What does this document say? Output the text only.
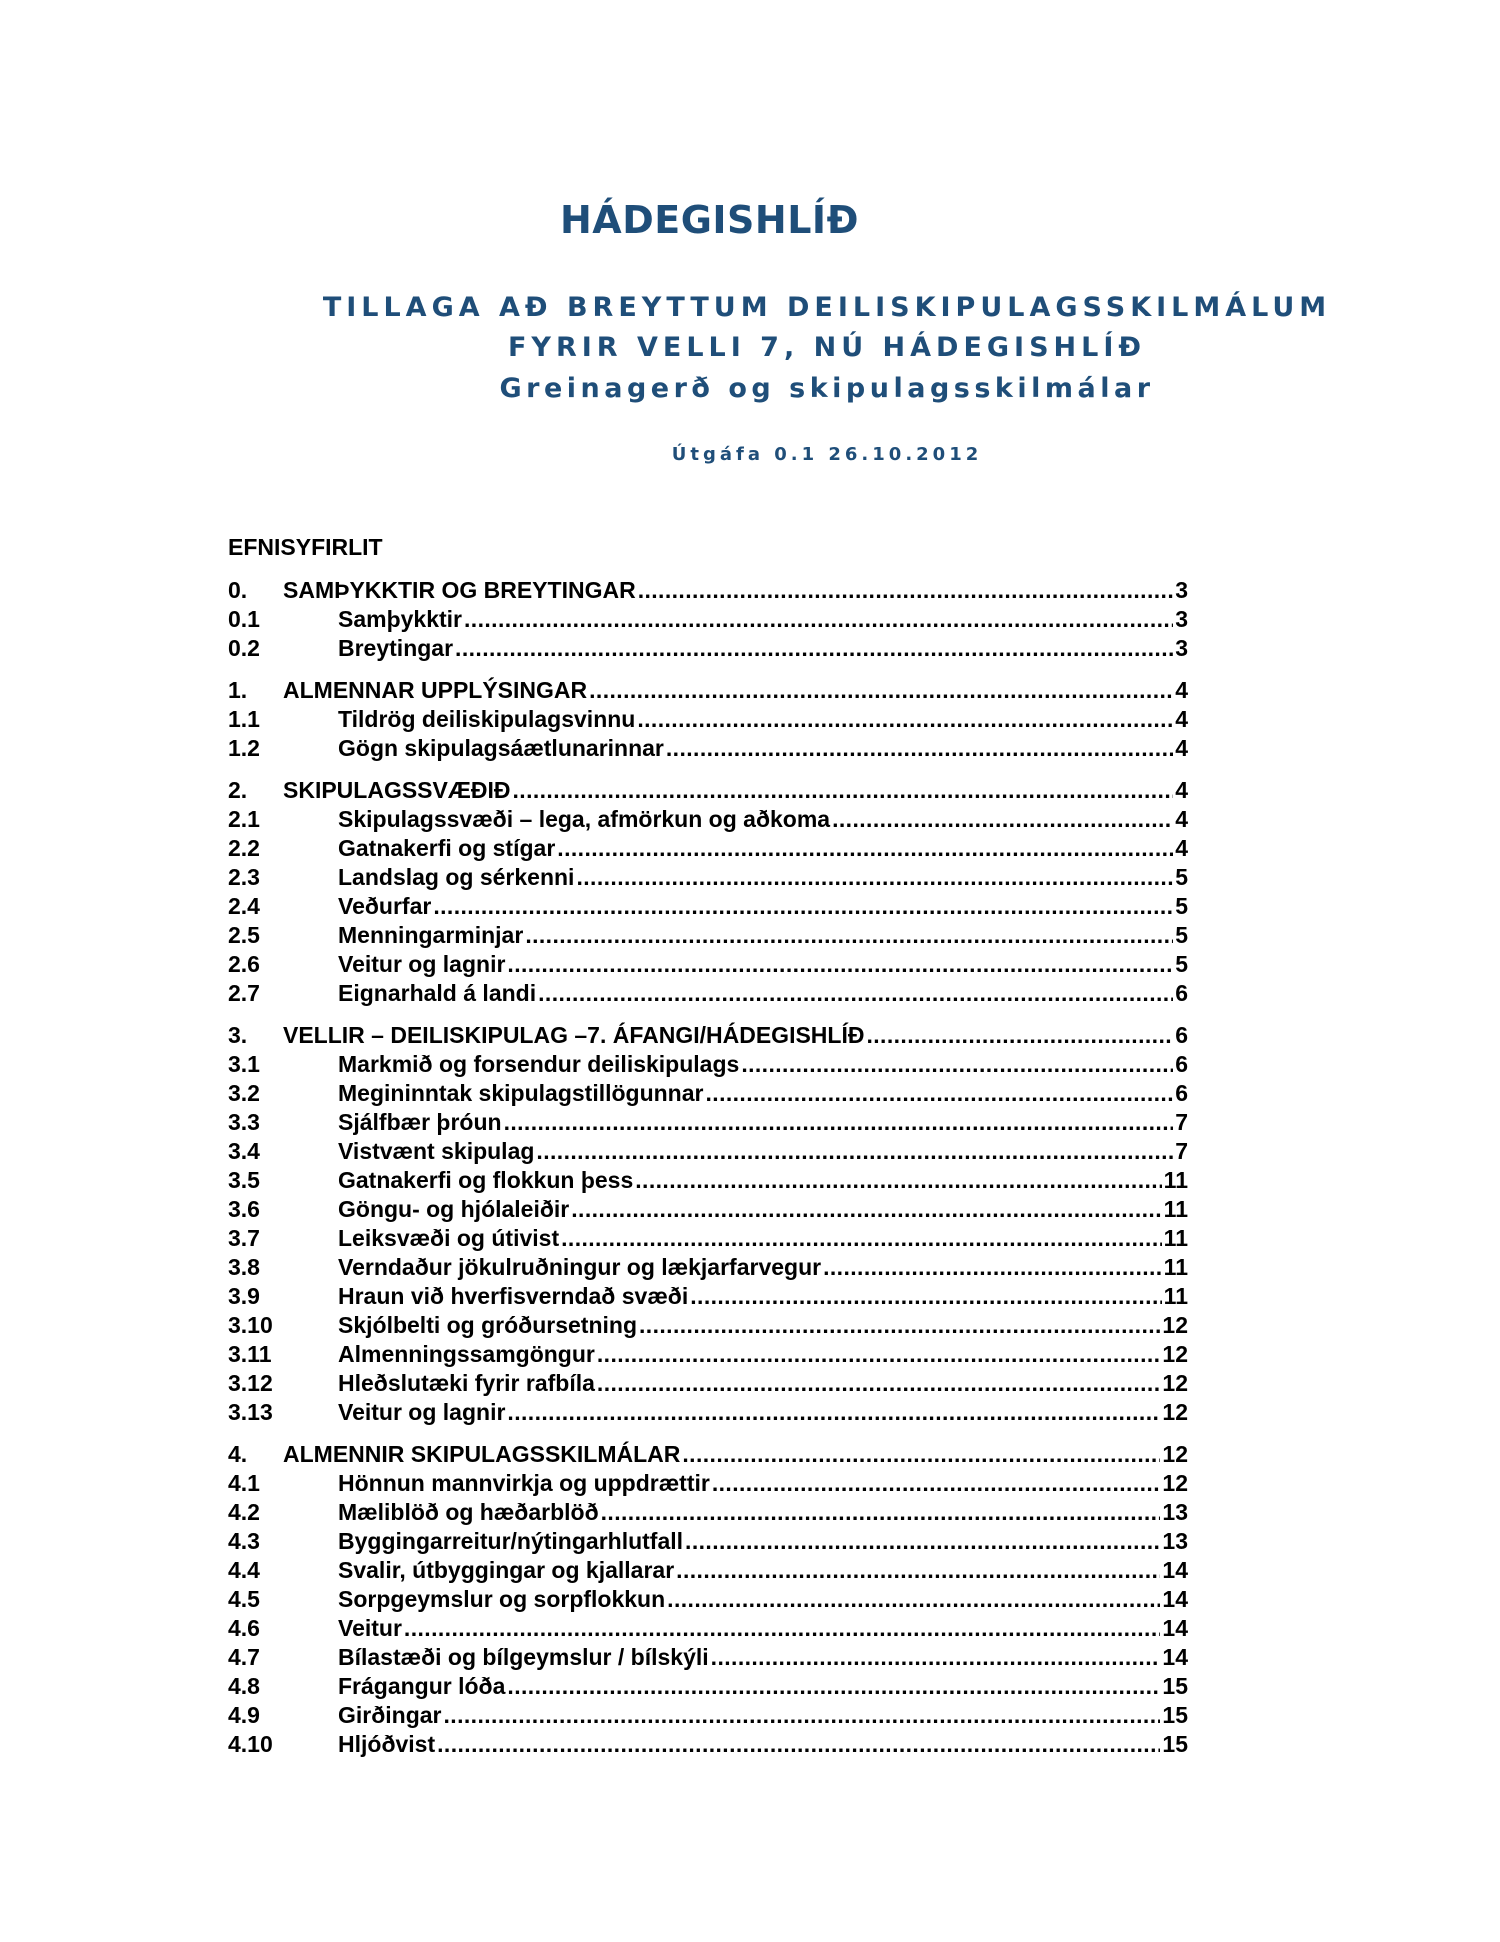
HÁDEGISHLÍÐ
TILLAGA AÐ BREYTTUM DEILISKIPULAGSSKILMÁLUM
FYRIR VELLI 7, NÚ HÁDEGISHLÍÐ
Greinagerð og skipulagsskilmálar
Útgáfa 0.1 26.10.2012
EFNISYFIRLIT
0.	SAMÞYKKTIR OG BREYTINGAR .....	3
0.1	Samþykktir .....	3
0.2	Breytingar .....	3
1.	ALMENNAR UPPLÝSINGAR .....	4
1.1	Tildrög deiliskipulagsvinnu .....	4
1.2	Gögn skipulagsáætlunarinnar .....	4
2.	SKIPULAGSSVÆÐIÐ .....	4
2.1	Skipulagssvæði – lega, afmörkun og aðkoma .....	4
2.2	Gatnakerfi og stígar .....	4
2.3	Landslag og sérkenni .....	5
2.4	Veðurfar .....	5
2.5	Menningarminjar .....	5
2.6	Veitur og lagnir .....	5
2.7	Eignarhald á landi .....	6
3.	VELLIR – DEILISKIPULAG –7. ÁFANGI/HÁDEGISHLÍÐ .....	6
3.1	Markmið og forsendur deiliskipulags .....	6
3.2	Megininntak skipulagstillögunnar .....	6
3.3	Sjálfbær þróun .....	7
3.4	Vistvænt skipulag .....	7
3.5	Gatnakerfi og flokkun þess .....	11
3.6	Göngu- og hjólaleiðir .....	11
3.7	Leiksvæði og útivist .....	11
3.8	Verndaður jökulruðningur og lækjarfarvegur .....	11
3.9	Hraun við hverfisverndað svæði .....	11
3.10	Skjólbelti og gróðursetning .....	12
3.11	Almenningssamgöngur .....	12
3.12	Hleðslutæki fyrir rafbíla .....	12
3.13	Veitur og lagnir .....	12
4.	ALMENNIR SKIPULAGSSKILMÁLAR .....	12
4.1	Hönnun mannvirkja og uppdrættir .....	12
4.2	Mæliblöð og hæðarblöð .....	13
4.3	Byggingarreitur/nýtingarhlutfall .....	13
4.4	Svalir, útbyggingar og kjallarar .....	14
4.5	Sorpgeymslur og sorpflokkun .....	14
4.6	Veitur .....	14
4.7	Bílastæði og bílgeymslur / bílskýli .....	14
4.8	Frágangur lóða .....	15
4.9	Girðingar .....	15
4.10	Hljóðvist .....	15
